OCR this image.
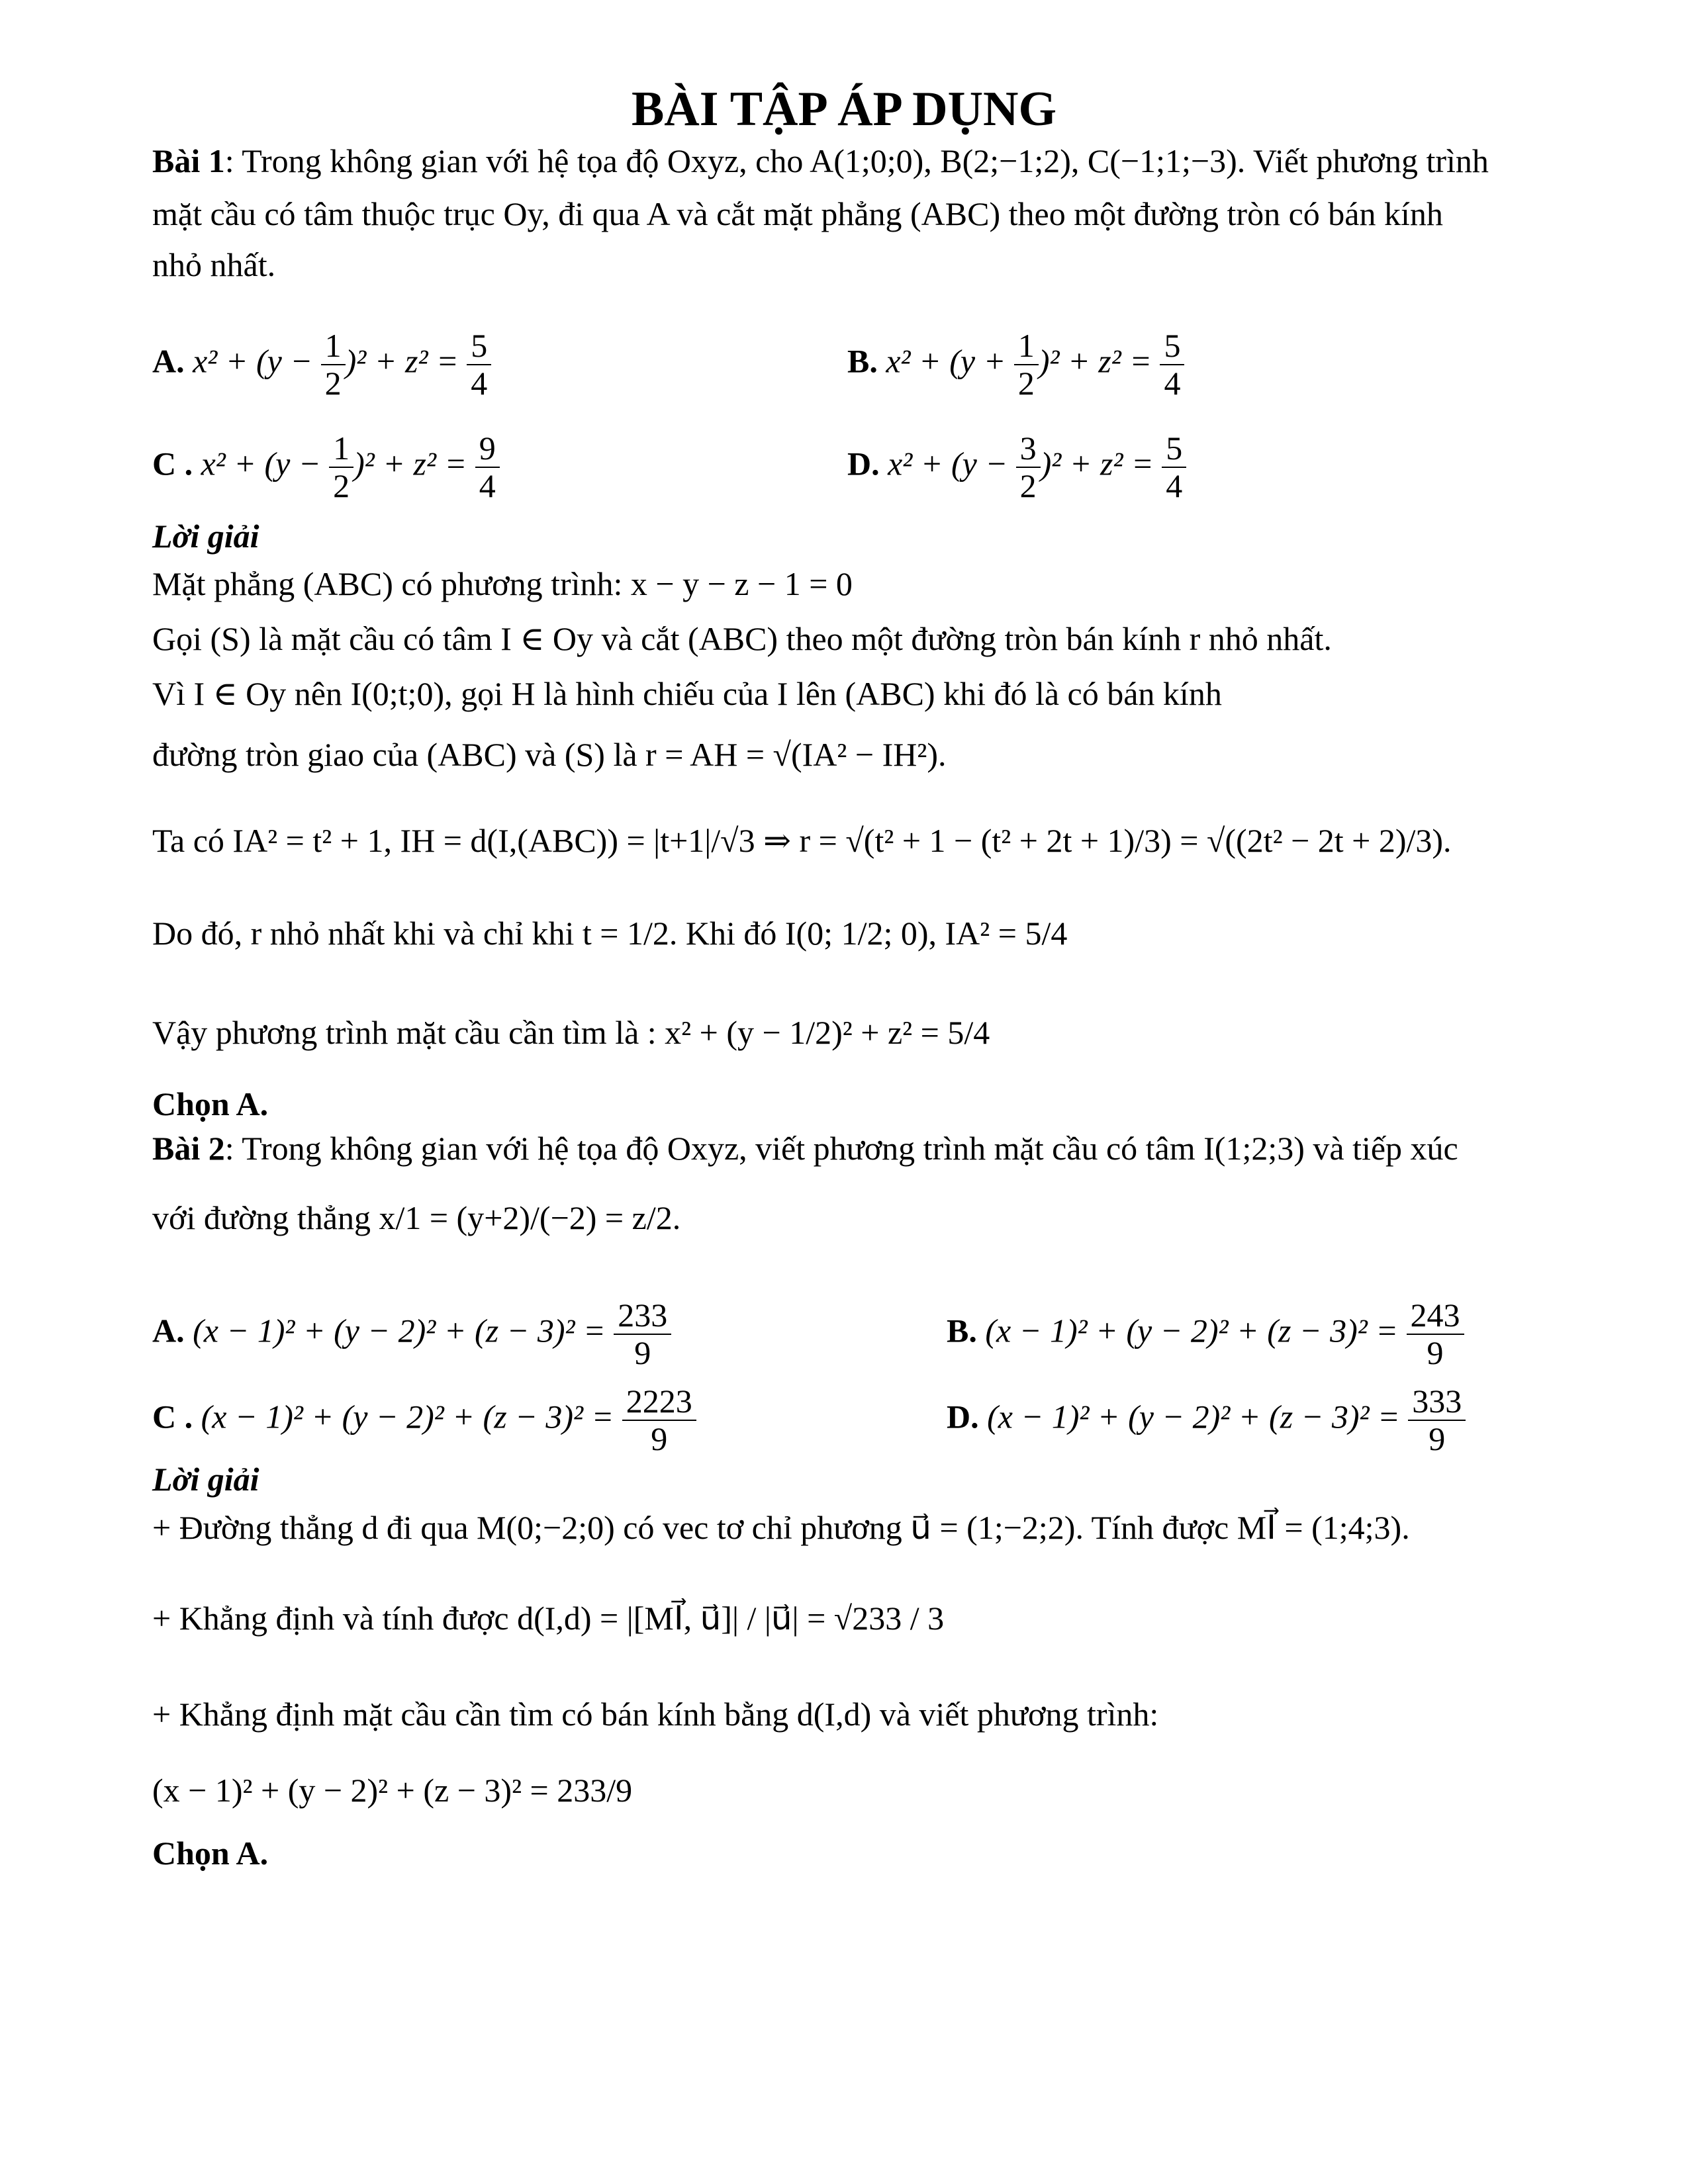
BÀI TẬP ÁP DỤNG
Bài 1: Trong không gian với hệ tọa độ Oxyz, cho A(1;0;0), B(2;−1;2), C(−1;1;−3). Viết phương trình
mặt cầu có tâm thuộc trục Oy, đi qua A và cắt mặt phẳng (ABC) theo một đường tròn có bán kính
nhỏ nhất.
A. $x^2 + (y - \frac{1}{2} )^2 + z^2 = \frac{5}{4}$	B. $x^2 + (y + \frac{1}{2} )^2 + z^2 = \frac{5}{4}$
C . $x^2 + (y - \frac{1}{2} )^2 + z^2 = \frac{9}{4}$	D. $x^2 + (y - \frac{3}{2} )^2 + z^2 = \frac{5}{4}$
Lời giải
Mặt phẳng (ABC) có phương trình: x − y − z − 1 = 0
Gọi (S) là mặt cầu có tâm I ∈ Oy và cắt (ABC) theo một đường tròn bán kính r nhỏ nhất.
Vì I ∈ Oy nên I(0;t;0), gọi H là hình chiếu của I lên (ABC) khi đó là có bán kính
đường tròn giao của (ABC) và (S) là r = AH = √(IA² − IH²).
Ta có IA² = t² + 1, IH = d(I,(ABC)) = |t+1|/√3 ⇒ r = √(t² + 1 − (t² + 2t + 1)/3) = √((2t² − 2t + 2)/3).
Do đó, r nhỏ nhất khi và chỉ khi t = 1/2. Khi đó I(0; 1/2; 0), IA² = 5/4
Vậy phương trình mặt cầu cần tìm là : x² + (y − 1/2)² + z² = 5/4
Chọn A.
Bài 2: Trong không gian với hệ tọa độ Oxyz, viết phương trình mặt cầu có tâm I(1;2;3) và tiếp xúc
với đường thẳng x/1 = (y+2)/(−2) = z/2.
A. $(x - 1)^2 + (y - 2)^2 + (z - 3)^2 = \frac{233}{9}$	B. $(x - 1)^2 + (y - 2)^2 + (z - 3)^2 = \frac{243}{9}$
C . $(x - 1)^2 + (y - 2)^2 + (z - 3)^2 = \frac{2223}{9}$	D. $(x - 1)^2 + (y - 2)^2 + (z - 3)^2 = \frac{333}{9}$
Lời giải
+ Đường thẳng d đi qua M(0;−2;0) có vec tơ chỉ phương u⃗ = (1;−2;2). Tính được MI⃗ = (1;4;3).
+ Khẳng định và tính được d(I,d) = |[MI⃗, u⃗]| / |u⃗| = √233 / 3
+ Khẳng định mặt cầu cần tìm có bán kính bằng d(I,d) và viết phương trình:
(x − 1)² + (y − 2)² + (z − 3)² = 233/9
Chọn A.
